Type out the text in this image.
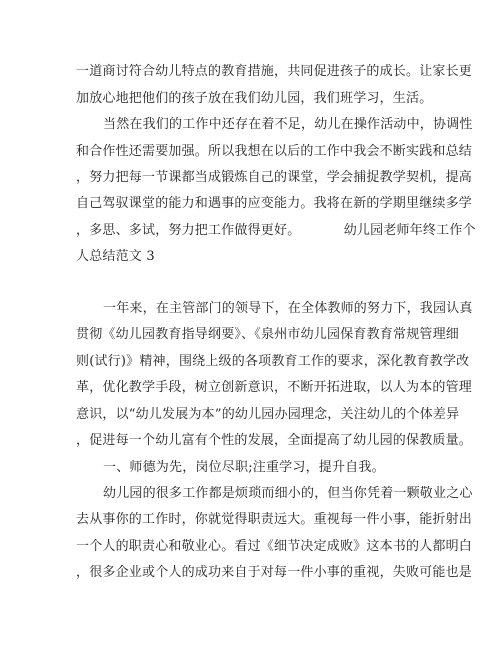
一道商讨符合幼儿特点的教育措施，共同促进孩子的成长。让家长更
加放心地把他们的孩子放在我们幼儿园，我们班学习，生活。
当然在我们的工作中还存在着不足，幼儿在操作活动中，协调性
和合作性还需要加强。所以我想在以后的工作中我会不断实践和总结
，努力把每一节课都当成锻炼自己的课堂，学会捕捉教学契机，提高
自己驾驭课堂的能力和遇事的应变能力。我将在新的学期里继续多学
，多思、多试，努力把工作做得更好。          幼儿园老师年终工作个
人总结范文 3
一年来，在主管部门的领导下，在全体教师的努力下，我园认真
贯彻《幼儿园教育指导纲要》、《泉州市幼儿园保育教育常规管理细
则(试行)》精神，围绕上级的各项教育工作的要求，深化教育教学改
革，优化教学手段，树立创新意识，不断开拓进取，以人为本的管理
意识，以“幼儿发展为本”的幼儿园办园理念，关注幼儿的个体差异
，促进每一个幼儿富有个性的发展，全面提高了幼儿园的保教质量。
一、师德为先，岗位尽职;注重学习，提升自我。
幼儿园的很多工作都是烦琐而细小的，但当你凭着一颗敬业之心
去从事你的工作时，你就觉得职责远大。重视每一件小事，能折射出
一个人的职责心和敬业心。看过《细节决定成败》这本书的人都明白
，很多企业或个人的成功来自于对每一件小事的重视，失败可能也是
